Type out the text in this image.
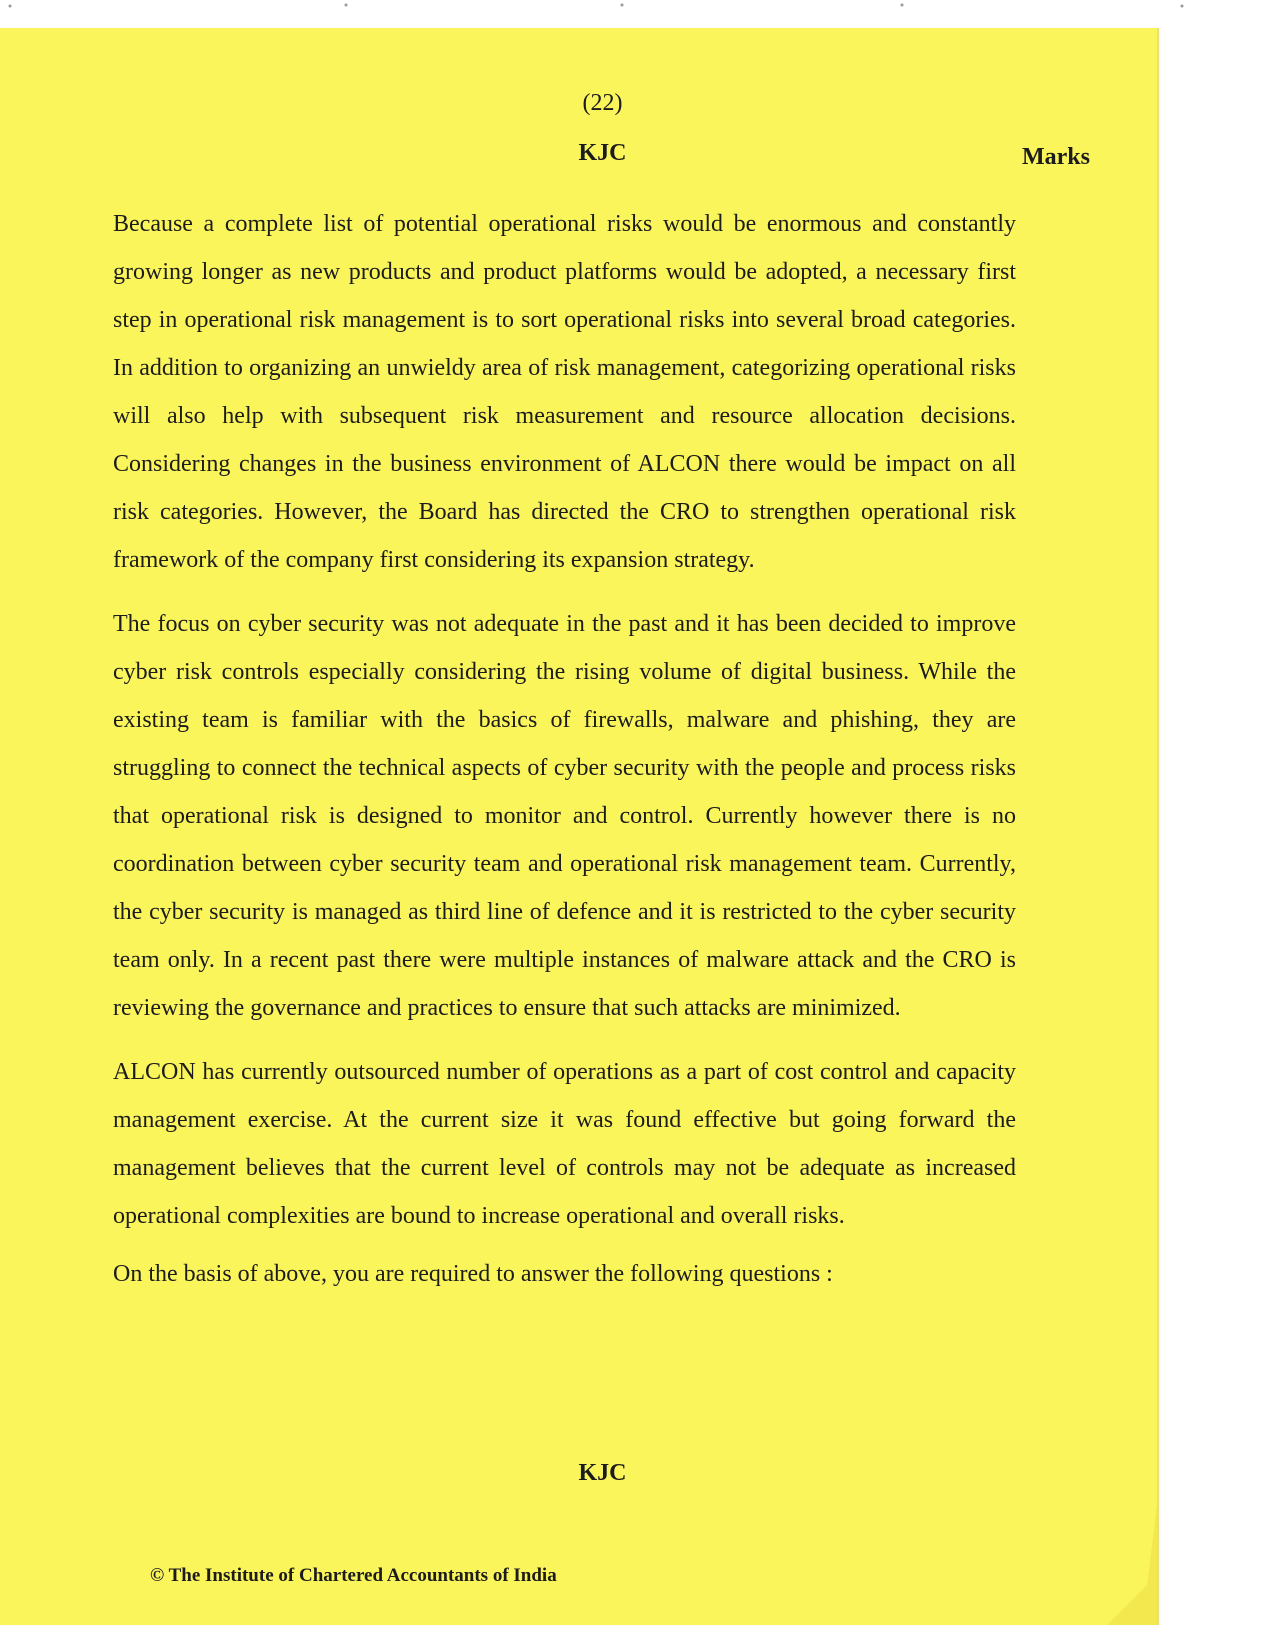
(22)
KJC	Marks

Because a complete list of potential operational risks would be enormous and constantly growing longer as new products and product platforms would be adopted, a necessary first step in operational risk management is to sort operational risks into several broad categories. In addition to organizing an unwieldy area of risk management, categorizing operational risks will also help with subsequent risk measurement and resource allocation decisions. Considering changes in the business environment of ALCON there would be impact on all risk categories. However, the Board has directed the CRO to strengthen operational risk framework of the company first considering its expansion strategy.

The focus on cyber security was not adequate in the past and it has been decided to improve cyber risk controls especially considering the rising volume of digital business. While the existing team is familiar with the basics of firewalls, malware and phishing, they are struggling to connect the technical aspects of cyber security with the people and process risks that operational risk is designed to monitor and control. Currently however there is no coordination between cyber security team and operational risk management team. Currently, the cyber security is managed as third line of defence and it is restricted to the cyber security team only. In a recent past there were multiple instances of malware attack and the CRO is reviewing the governance and practices to ensure that such attacks are minimized.

ALCON has currently outsourced number of operations as a part of cost control and capacity management exercise. At the current size it was found effective but going forward the management believes that the current level of controls may not be adequate as increased operational complexities are bound to increase operational and overall risks.

On the basis of above, you are required to answer the following questions :

KJC
© The Institute of Chartered Accountants of India
